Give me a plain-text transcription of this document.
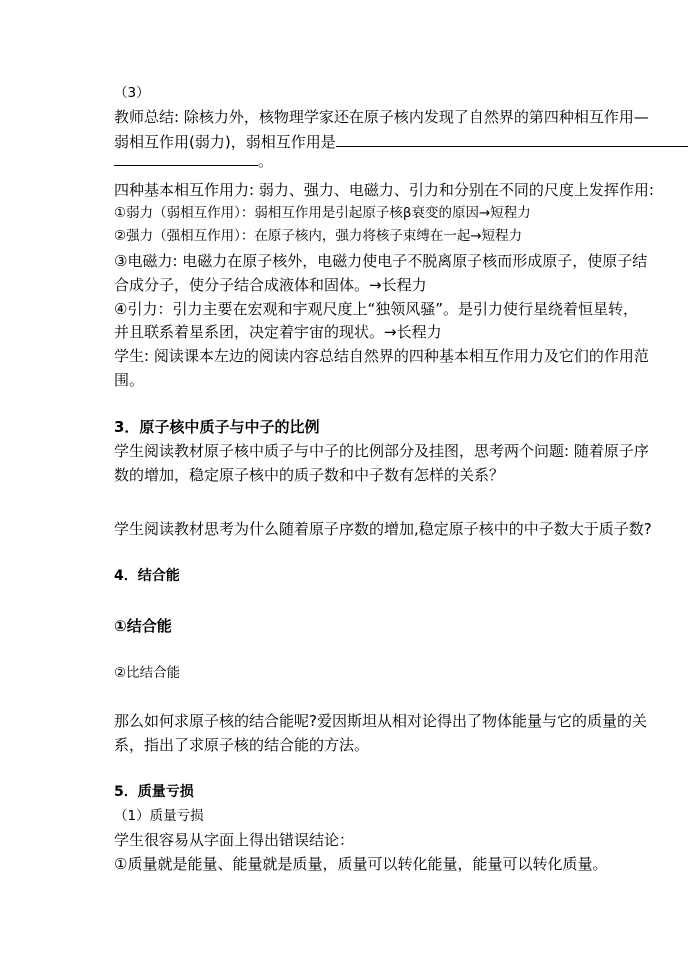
（3）
教师总结: 除核力外，核物理学家还在原子核内发现了自然界的第四种相互作用—
弱相互作用(弱力)，弱相互作用是
。
四种基本相互作用力: 弱力、强力、电磁力、引力和分别在不同的尺度上发挥作用:
①弱力（弱相互作用）：弱相互作用是引起原子核β衰变的原因→短程力
②强力（强相互作用）：在原子核内，强力将核子束缚在一起→短程力
③电磁力: 电磁力在原子核外，电磁力使电子不脱离原子核而形成原子，使原子结
合成分子，使分子结合成液体和固体。→长程力
④引力：引力主要在宏观和宇观尺度上“独领风骚”。是引力使行星绕着恒星转，
并且联系着星系团，决定着宇宙的现状。→长程力
学生: 阅读课本左边的阅读内容总结自然界的四种基本相互作用力及它们的作用范
围。
3．原子核中质子与中子的比例
学生阅读教材原子核中质子与中子的比例部分及挂图，思考两个问题: 随着原子序
数的增加，稳定原子核中的质子数和中子数有怎样的关系？
学生阅读教材思考为什么随着原子序数的增加,稳定原子核中的中子数大于质子数?
4．结合能
①结合能
②比结合能
那么如何求原子核的结合能呢?爱因斯坦从相对论得出了物体能量与它的质量的关
系，指出了求原子核的结合能的方法。
5．质量亏损
（1）质量亏损
学生很容易从字面上得出错误结论：
①质量就是能量、能量就是质量，质量可以转化能量，能量可以转化质量。
